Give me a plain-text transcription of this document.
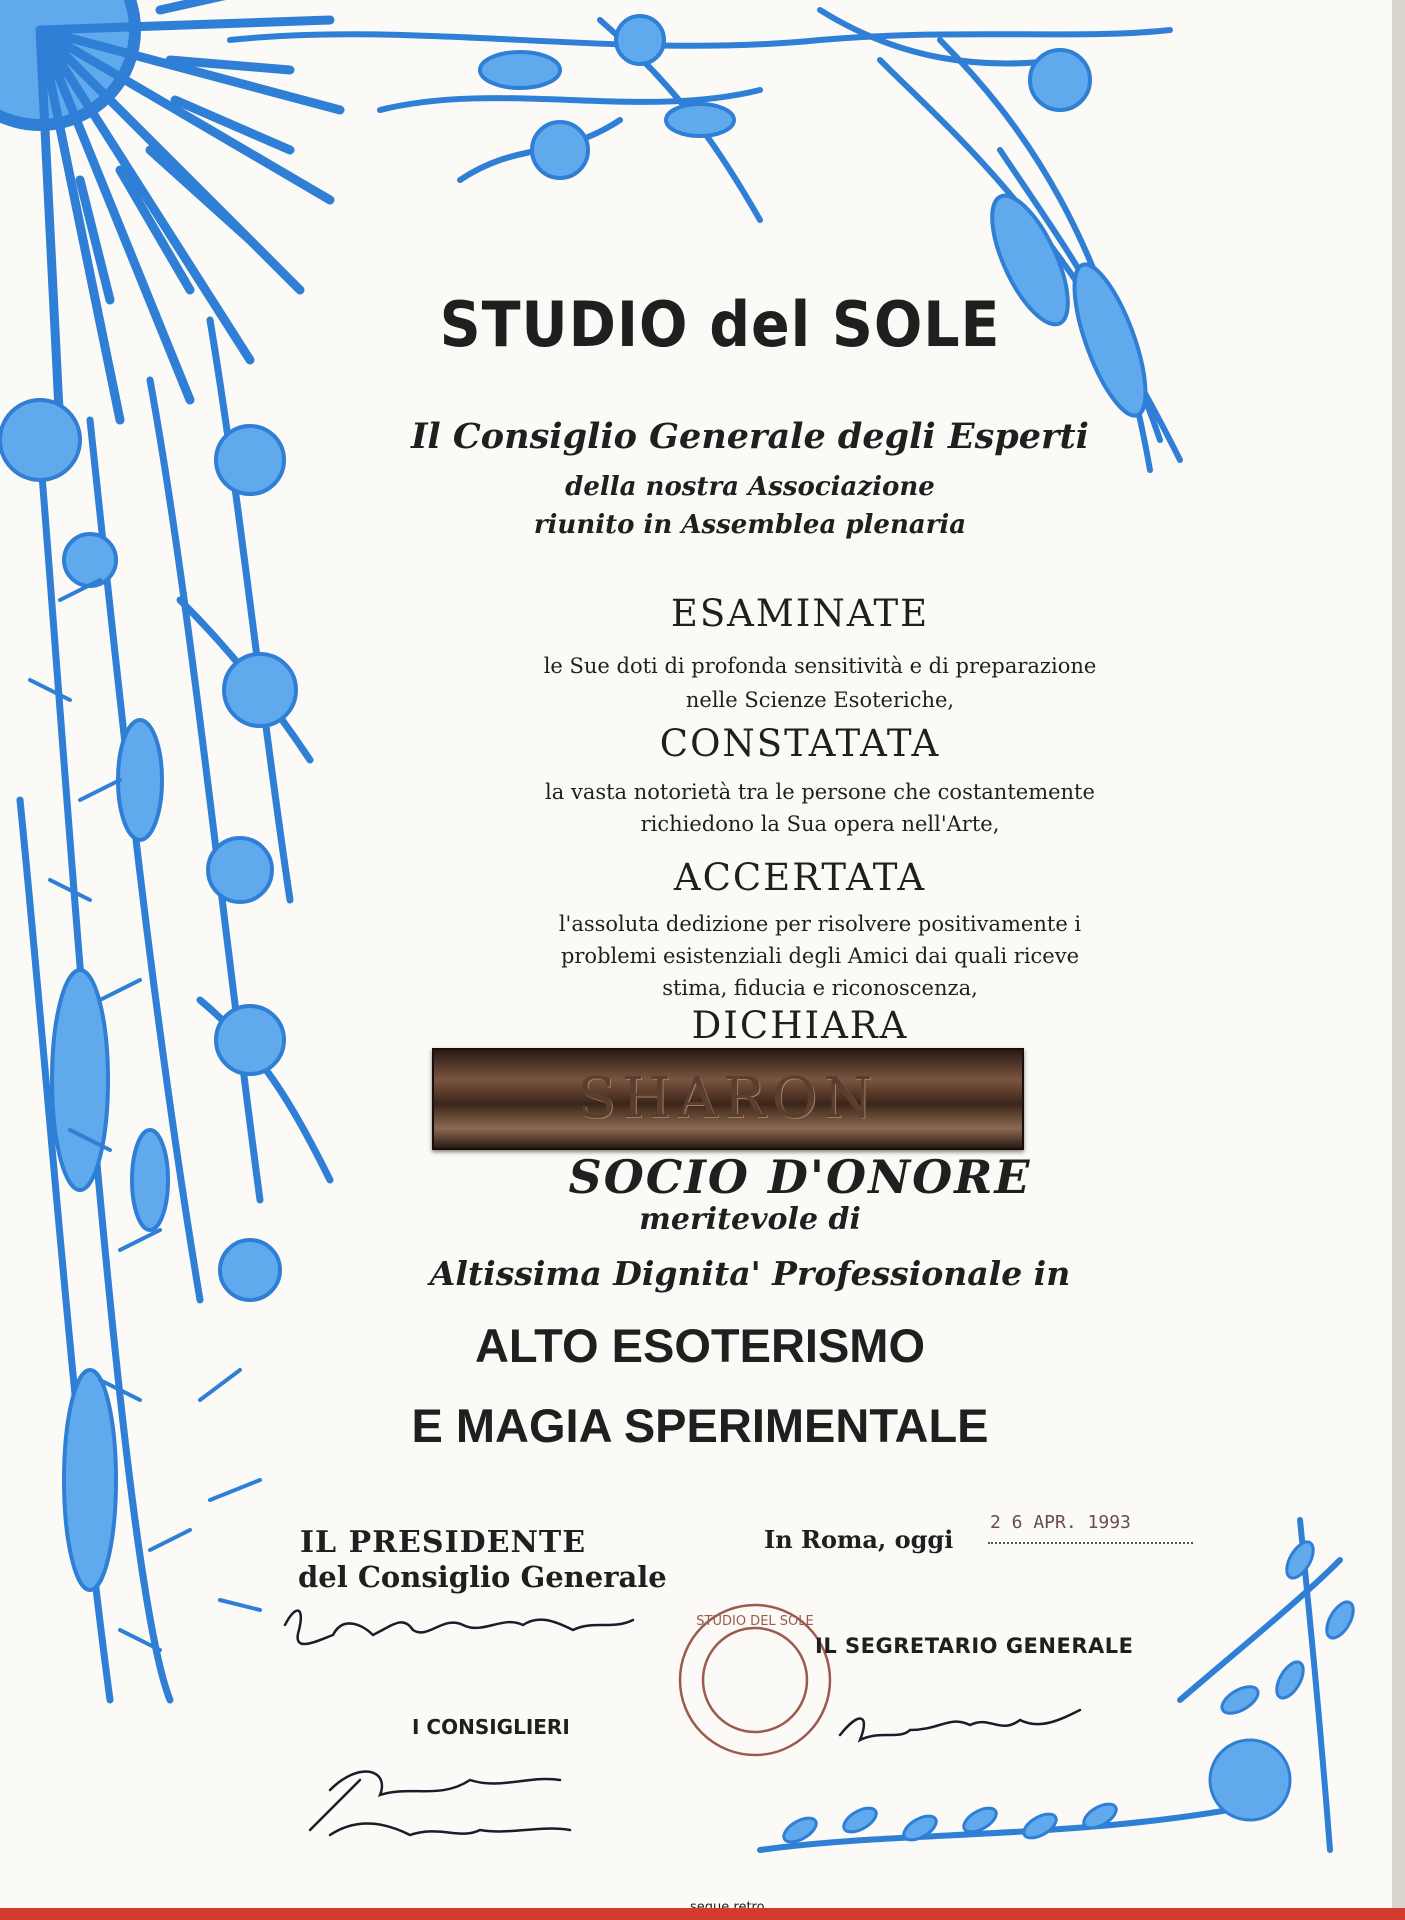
STUDIO DEL SOLE
STUDIO del SOLE
Il Consiglio Generale degli Esperti
della nostra Associazione
riunito in Assemblea plenaria
ESAMINATE
le Sue doti di profonda sensitività e di preparazione
nelle Scienze Esoteriche,
CONSTATATA
la vasta notorietà tra le persone che costantemente
richiedono la Sua opera nell'Arte,
ACCERTATA
l'assoluta dedizione per risolvere positivamente i
problemi esistenziali degli Amici dai quali riceve
stima, fiducia e riconoscenza,
DICHIARA
SHARON
SOCIO D'ONORE
meritevole di
Altissima Dignita' Professionale in
ALTO ESOTERISMO
E MAGIA SPERIMENTALE
IL PRESIDENTE
del Consiglio Generale
In Roma, oggi
2 6 APR. 1993
IL SEGRETARIO GENERALE
I CONSIGLIERI
